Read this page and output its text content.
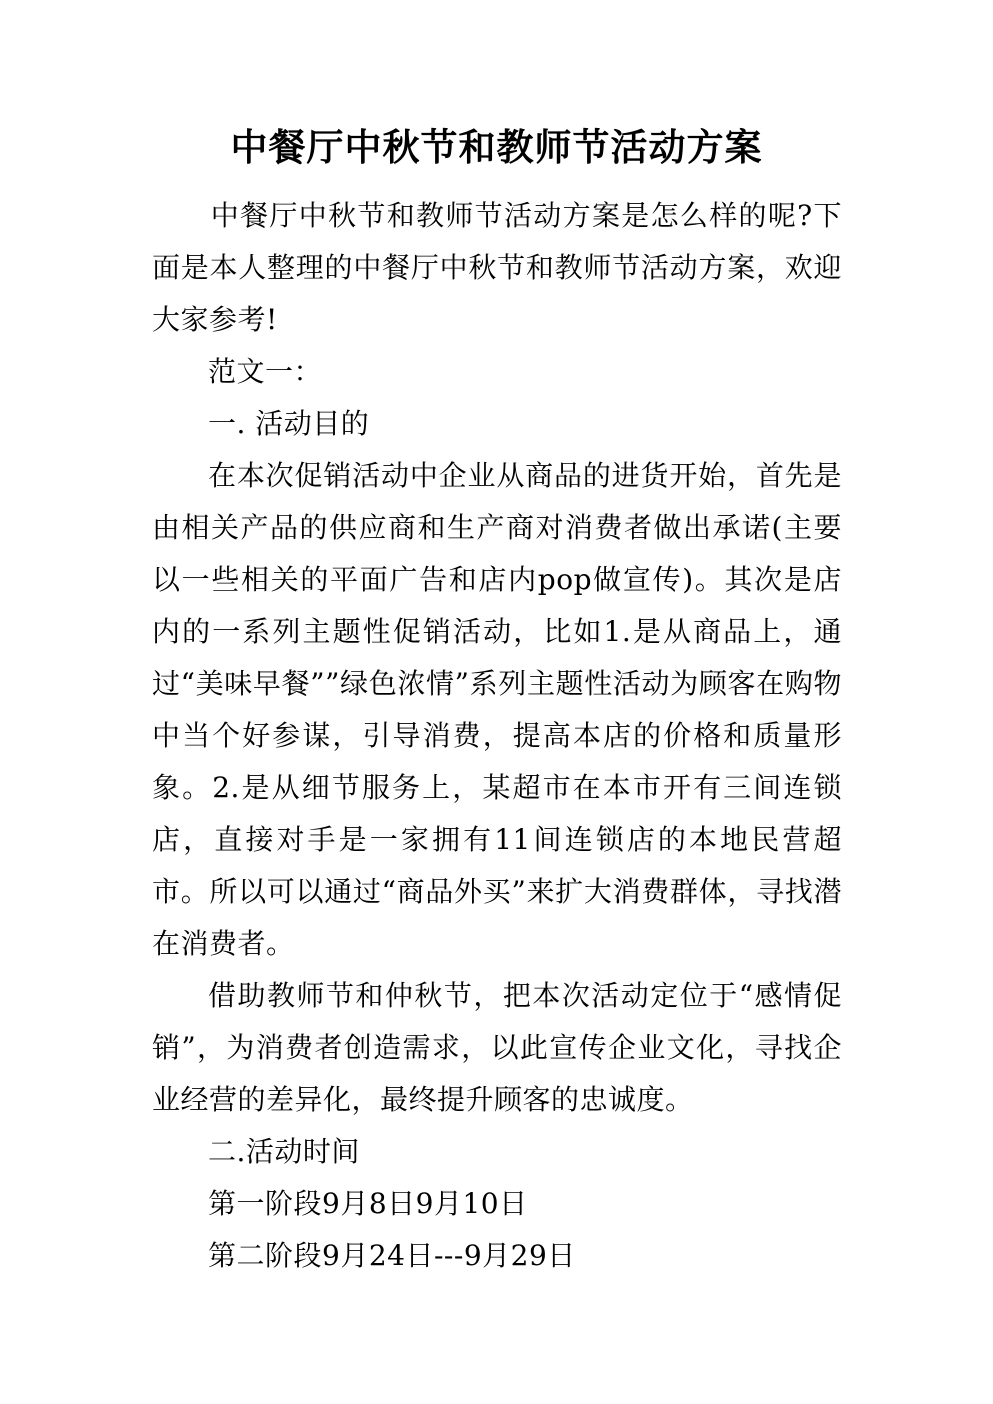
中餐厅中秋节和教师节活动方案

中餐厅中秋节和教师节活动方案是怎么样的呢?下面是本人整理的中餐厅中秋节和教师节活动方案，欢迎大家参考!

范文一：

一. 活动目的

在本次促销活动中企业从商品的进货开始，首先是由相关产品的供应商和生产商对消费者做出承诺(主要以一些相关的平面广告和店内pop做宣传)。其次是店内的一系列主题性促销活动，比如1.是从商品上，通过“美味早餐””绿色浓情”系列主题性活动为顾客在购物中当个好参谋，引导消费，提高本店的价格和质量形象。2.是从细节服务上，某超市在本市开有三间连锁店，直接对手是一家拥有11间连锁店的本地民营超市。所以可以通过“商品外买”来扩大消费群体，寻找潜在消费者。

借助教师节和仲秋节，把本次活动定位于“感情促销”，为消费者创造需求，以此宣传企业文化，寻找企业经营的差异化，最终提升顾客的忠诚度。

二.活动时间

第一阶段9月8日9月10日

第二阶段9月24日---9月29日
